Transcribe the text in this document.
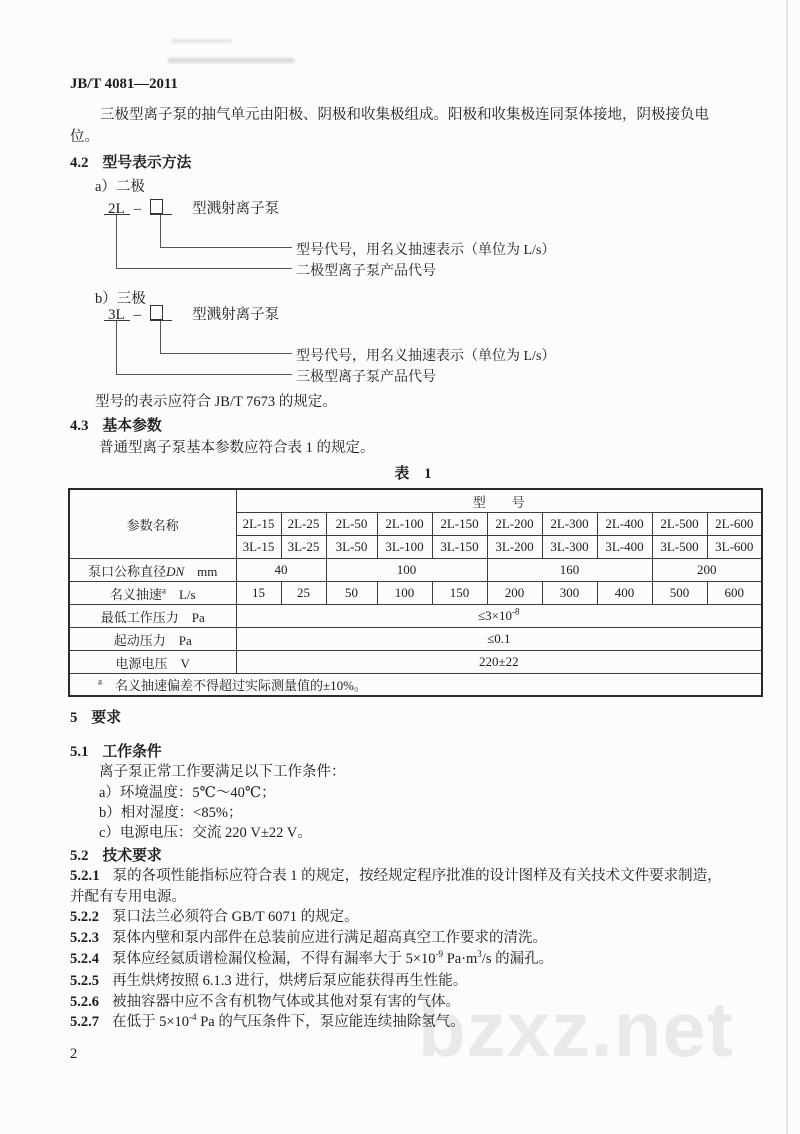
bzxz.net
JB/T 4081—2011
三极型离子泵的抽气单元由阳极、阴极和收集极组成。阳极和收集极连同泵体接地，阴极接负电
位。
4.2 型号表示方法
a）二极
2L –	型溅射离子泵
型号代号，用名义抽速表示（单位为 L/s）
二极型离子泵产品代号
b）三极
3L –	型溅射离子泵
型号代号，用名义抽速表示（单位为 L/s）
三极型离子泵产品代号
型号的表示应符合 JB/T 7673 的规定。
4.3 基本参数
普通型离子泵基本参数应符合表 1 的规定。
表　1
参数名称	型　　号									
	2L-15	2L-25	2L-50	2L-100	2L-150	2L-200	2L-300	2L-400	2L-500	2L-600
	3L-15	3L-25	3L-50	3L-100	3L-150	3L-200	3L-300	3L-400	3L-500	3L-600
泵口公称直径DN　mm	40		100			160			200	
名义抽速$^a$　L/s	15	25	50	100	150	200	300	400	500	600
最低工作压力　Pa	$\le 3\times 10^{-8}$
起动压力　Pa	≤0.1									
电源电压　V	220±22									
$^a$　名义抽速偏差不得超过实际测量值的±10%。										
5 要求
5.1 工作条件
离子泵正常工作要满足以下工作条件：
a）环境温度：5℃～40℃；
b）相对湿度：<85%；
c）电源电压：交流 220 V±22 V。
5.2 技术要求
5.2.1 泵的各项性能指标应符合表 1 的规定，按经规定程序批准的设计图样及有关技术文件要求制造，
并配有专用电源。
5.2.2 泵口法兰必须符合 GB/T 6071 的规定。
5.2.3 泵体内壁和泵内部件在总装前应进行满足超高真空工作要求的清洗。
5.2.4 泵体应经氦质谱检漏仪检漏，不得有漏率大于 $5\times 10^{-9}$ $Pa\cdot m^3/s$ 的漏孔。
5.2.5 再生烘烤按照 6.1.3 进行，烘烤后泵应能获得再生性能。
5.2.6 被抽容器中应不含有机物气体或其他对泵有害的气体。
5.2.7 在低于 $5\times 10^{-4}$ Pa 的气压条件下，泵应能连续抽除氢气。
2
